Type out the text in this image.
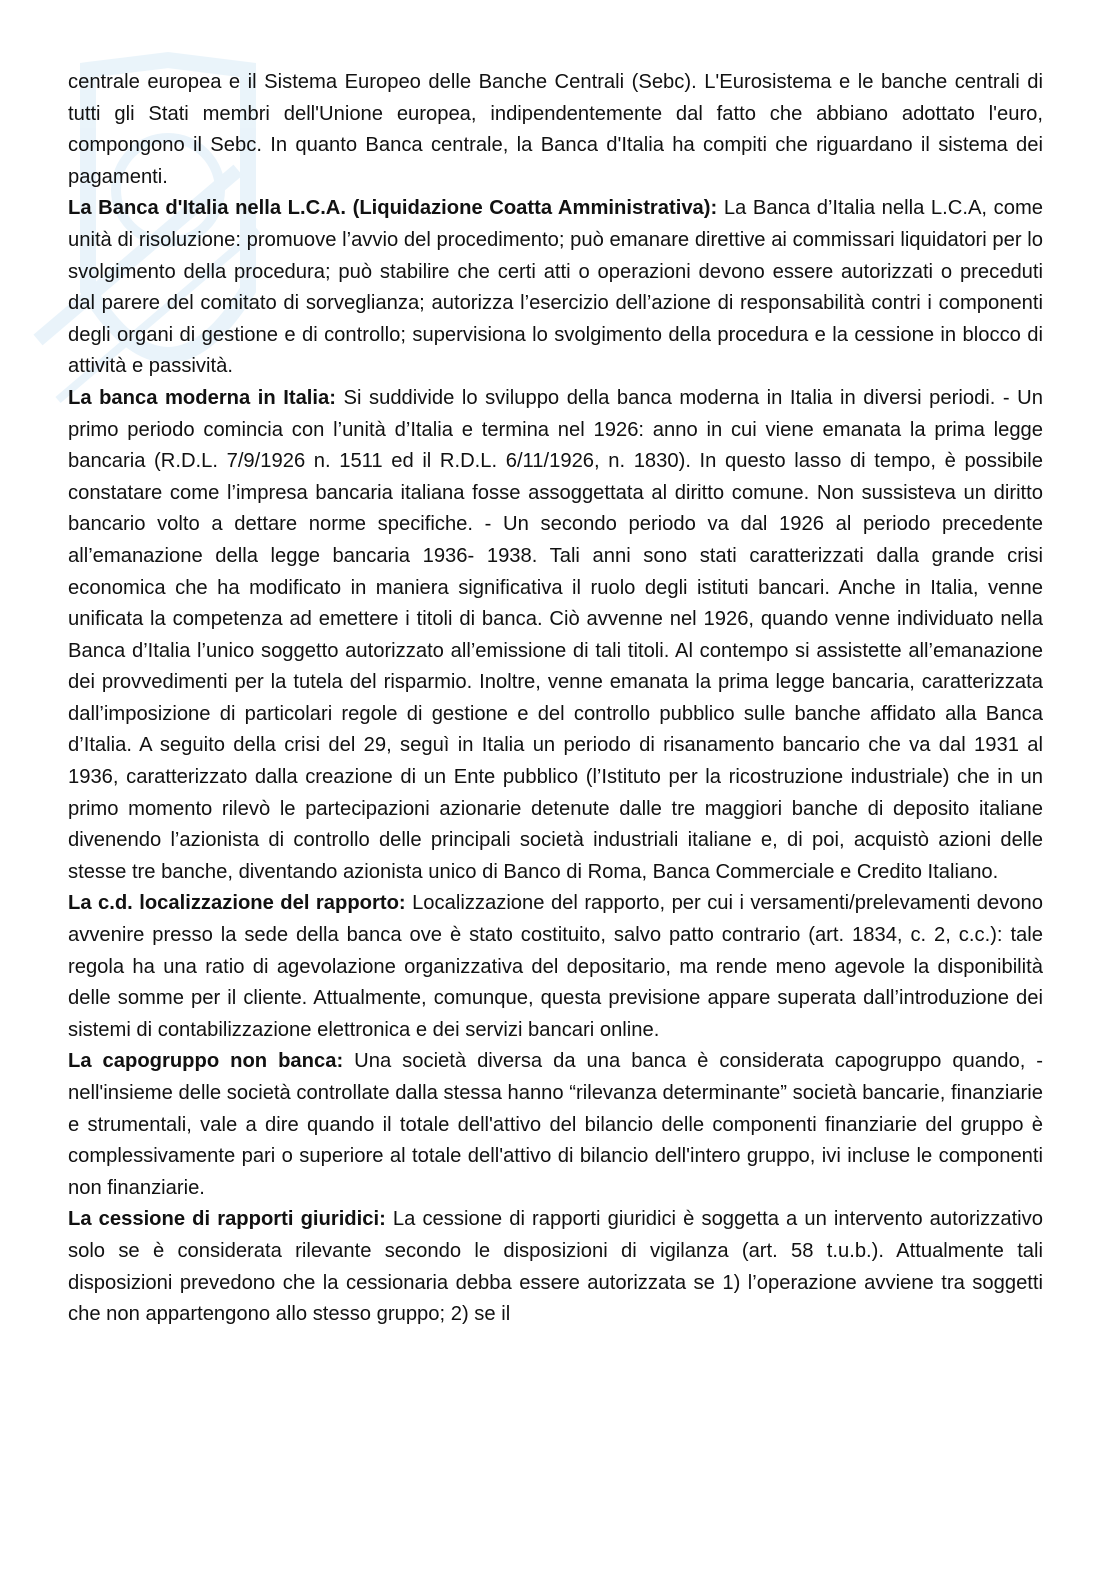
centrale europea e il Sistema Europeo delle Banche Centrali (Sebc). L'Eurosistema e le banche centrali di tutti gli Stati membri dell'Unione europea, indipendentemente dal fatto che abbiano adottato l'euro, compongono il Sebc. In quanto Banca centrale, la Banca d'Italia ha compiti che riguardano il sistema dei pagamenti.

La Banca d'Italia nella L.C.A. (Liquidazione Coatta Amministrativa): La Banca d’Italia nella L.C.A, come unità di risoluzione: promuove l’avvio del procedimento; può emanare direttive ai commissari liquidatori per lo svolgimento della procedura; può stabilire che certi atti o operazioni devono essere autorizzati o preceduti dal parere del comitato di sorveglianza; autorizza l’esercizio dell’azione di responsabilità contri i componenti degli organi di gestione e di controllo; supervisiona lo svolgimento della procedura e la cessione in blocco di attività e passività.

La banca moderna in Italia: Si suddivide lo sviluppo della banca moderna in Italia in diversi periodi. - Un primo periodo comincia con l’unità d’Italia e termina nel 1926: anno in cui viene emanata la prima legge bancaria (R.D.L. 7/9/1926 n. 1511 ed il R.D.L. 6/11/1926, n. 1830). In questo lasso di tempo, è possibile constatare come l’impresa bancaria italiana fosse assoggettata al diritto comune. Non sussisteva un diritto bancario volto a dettare norme specifiche. - Un secondo periodo va dal 1926 al periodo precedente all’emanazione della legge bancaria 1936- 1938. Tali anni sono stati caratterizzati dalla grande crisi economica che ha modificato in maniera significativa il ruolo degli istituti bancari. Anche in Italia, venne unificata la competenza ad emettere i titoli di banca. Ciò avvenne nel 1926, quando venne individuato nella Banca d’Italia l’unico soggetto autorizzato all’emissione di tali titoli. Al contempo si assistette all’emanazione dei provvedimenti per la tutela del risparmio. Inoltre, venne emanata la prima legge bancaria, caratterizzata dall’imposizione di particolari regole di gestione e del controllo pubblico sulle banche affidato alla Banca d’Italia. A seguito della crisi del 29, seguì in Italia un periodo di risanamento bancario che va dal 1931 al 1936, caratterizzato dalla creazione di un Ente pubblico (l’Istituto per la ricostruzione industriale) che in un primo momento rilevò le partecipazioni azionarie detenute dalle tre maggiori banche di deposito italiane divenendo l’azionista di controllo delle principali società industriali italiane e, di poi, acquistò azioni delle stesse tre banche, diventando azionista unico di Banco di Roma, Banca Commerciale e Credito Italiano.

La c.d. localizzazione del rapporto: Localizzazione del rapporto, per cui i versamenti/prelevamenti devono avvenire presso la sede della banca ove è stato costituito, salvo patto contrario (art. 1834, c. 2, c.c.): tale regola ha una ratio di agevolazione organizzativa del depositario, ma rende meno agevole la disponibilità delle somme per il cliente. Attualmente, comunque, questa previsione appare superata dall’introduzione dei sistemi di contabilizzazione elettronica e dei servizi bancari online.

La capogruppo non banca: Una società diversa da una banca è considerata capogruppo quando, - nell'insieme delle società controllate dalla stessa hanno “rilevanza determinante” società bancarie, finanziarie e strumentali, vale a dire quando il totale dell'attivo del bilancio delle componenti finanziarie del gruppo è complessivamente pari o superiore al totale dell'attivo di bilancio dell'intero gruppo, ivi incluse le componenti non finanziarie.

La cessione di rapporti giuridici: La cessione di rapporti giuridici è soggetta a un intervento autorizzativo solo se è considerata rilevante secondo le disposizioni di vigilanza (art. 58 t.u.b.). Attualmente tali disposizioni prevedono che la cessionaria debba essere autorizzata se 1) l’operazione avviene tra soggetti che non appartengono allo stesso gruppo; 2) se il
